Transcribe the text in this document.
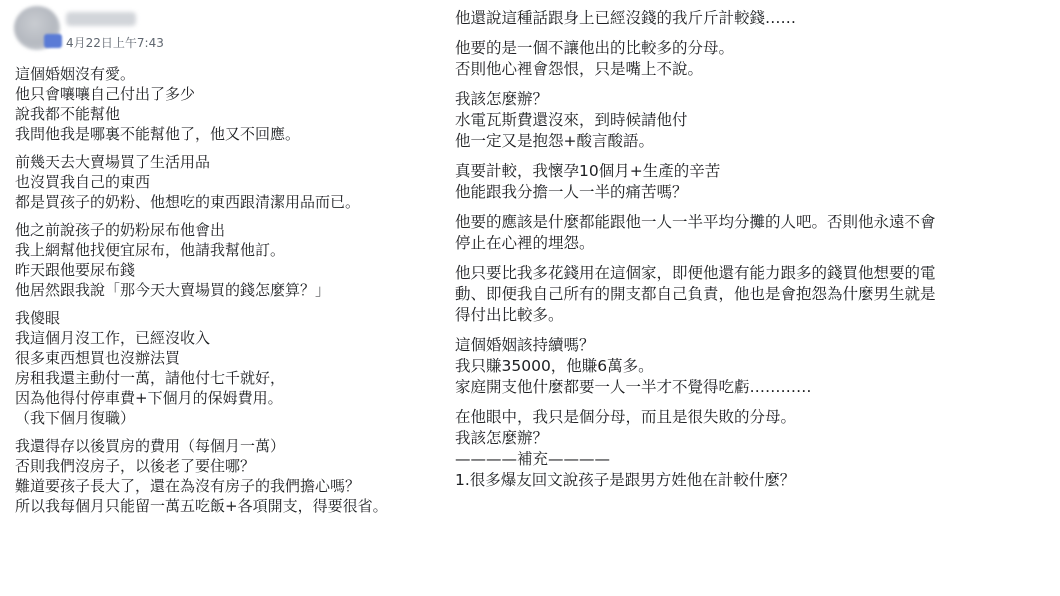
4月22日上午7:43
這個婚姻沒有愛。
他只會嚷嚷自己付出了多少
說我都不能幫他
我問他我是哪裏不能幫他了，他又不回應。
前幾天去大賣場買了生活用品
也沒買我自己的東西
都是買孩子的奶粉、他想吃的東西跟清潔用品而已。
他之前說孩子的奶粉尿布他會出
我上網幫他找便宜尿布，他請我幫他訂。
昨天跟他要尿布錢
他居然跟我說「那今天大賣場買的錢怎麼算？」
我傻眼
我這個月沒工作，已經沒收入
很多東西想買也沒辦法買
房租我還主動付一萬，請他付七千就好，
因為他得付停車費+下個月的保姆費用。
（我下個月復職）
我還得存以後買房的費用（每個月一萬）
否則我們沒房子，以後老了要住哪？
難道要孩子長大了，還在為沒有房子的我們擔心嗎？
所以我每個月只能留一萬五吃飯+各項開支，得要很省。
他還說這種話跟身上已經沒錢的我斤斤計較錢……
他要的是一個不讓他出的比較多的分母。
否則他心裡會怨恨，只是嘴上不說。
我該怎麼辦？
水電瓦斯費還沒來，到時候請他付
他一定又是抱怨+酸言酸語。
真要計較，我懷孕10個月+生產的辛苦
他能跟我分擔一人一半的痛苦嗎？
他要的應該是什麼都能跟他一人一半平均分攤的人吧。否則他永遠不會
停止在心裡的埋怨。
他只要比我多花錢用在這個家，即便他還有能力跟多的錢買他想要的電
動、即便我自己所有的開支都自己負責，他也是會抱怨為什麼男生就是
得付出比較多。
這個婚姻該持續嗎？
我只賺35000，他賺6萬多。
家庭開支他什麼都要一人一半才不覺得吃虧…………
在他眼中，我只是個分母，而且是很失敗的分母。
我該怎麼辦？
————補充————
1.很多爆友回文說孩子是跟男方姓他在計較什麼？
